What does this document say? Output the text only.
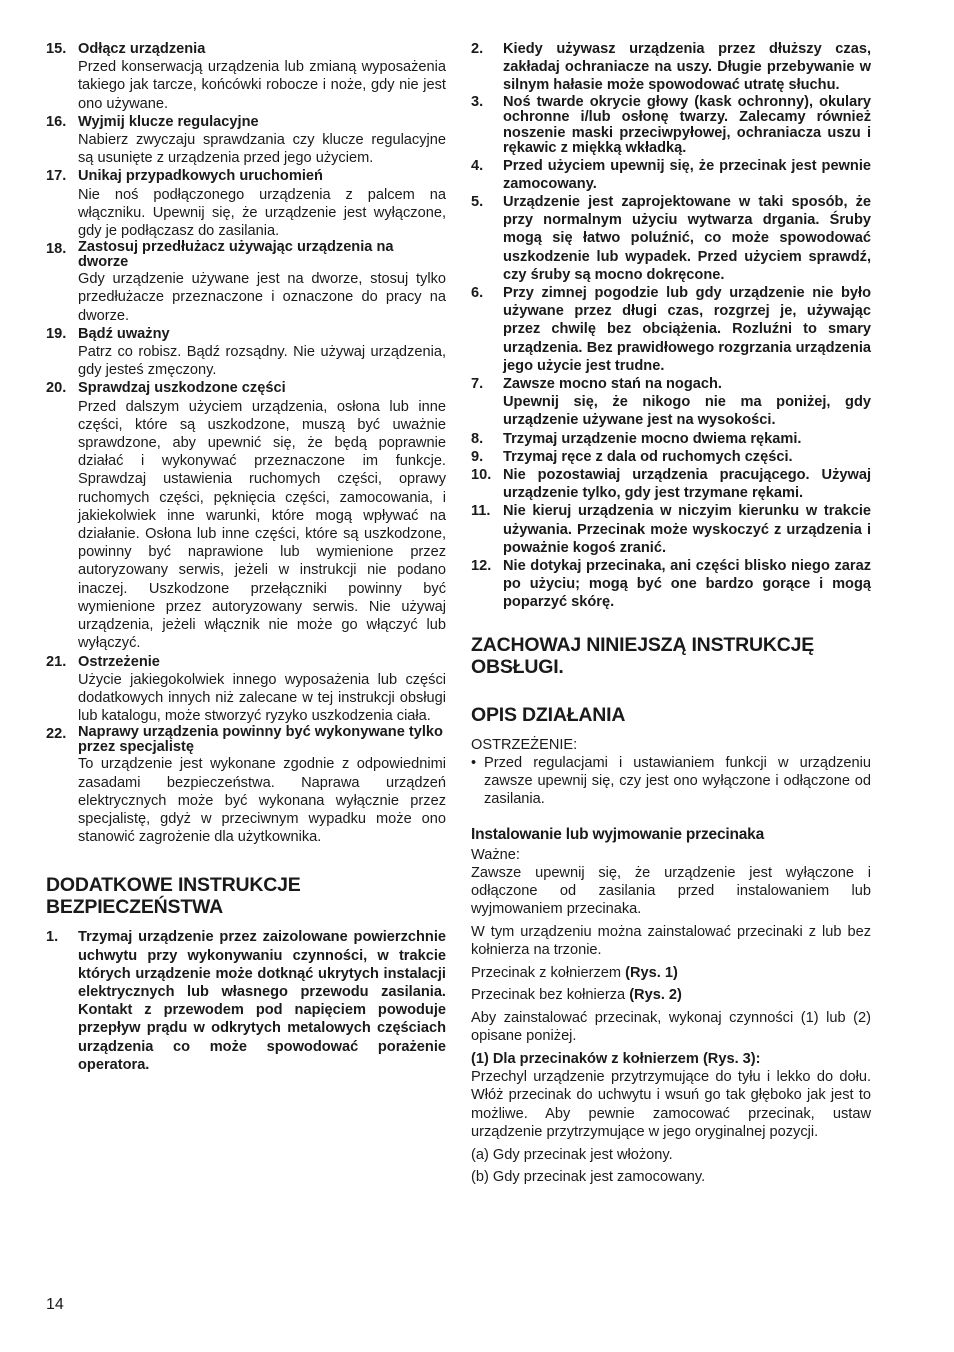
15. Odłącz urządzenia

Przed konserwacją urządzenia lub zmianą wyposażenia takiego jak tarcze, końcówki robocze i noże, gdy nie jest ono używane.

16. Wyjmij klucze regulacyjne

Nabierz zwyczaju sprawdzania czy klucze regulacyjne są usunięte z urządzenia przed jego użyciem.

17. Unikaj przypadkowych uruchomień

Nie noś podłączonego urządzenia z palcem na włączniku. Upewnij się, że urządzenie jest wyłączone, gdy je podłączasz do zasilania.

18. Zastosuj przedłużacz używając urządzenia na dworze

Gdy urządzenie używane jest na dworze, stosuj tylko przedłużacze przeznaczone i oznaczone do pracy na dworze.

19. Bądź uważny

Patrz co robisz. Bądź rozsądny. Nie używaj urządzenia, gdy jesteś zmęczony.

20. Sprawdzaj uszkodzone części

Przed dalszym użyciem urządzenia, osłona lub inne części, które są uszkodzone, muszą być uważnie sprawdzone, aby upewnić się, że będą poprawnie działać i wykonywać przeznaczone im funkcje. Sprawdzaj ustawienia ruchomych części, oprawy ruchomych części, pęknięcia części, zamocowania, i jakiekolwiek inne warunki, które mogą wpływać na działanie. Osłona lub inne części, które są uszkodzone, powinny być naprawione lub wymienione przez autoryzowany serwis, jeżeli w instrukcji nie podano inaczej. Uszkodzone przełączniki powinny być wymienione przez autoryzowany serwis. Nie używaj urządzenia, jeżeli włącznik nie może go włączyć lub wyłączyć.

21. Ostrzeżenie

Użycie jakiegokolwiek innego wyposażenia lub części dodatkowych innych niż zalecane w tej instrukcji obsługi lub katalogu, może stworzyć ryzyko uszkodzenia ciała.

22. Naprawy urządzenia powinny być wykonywane tylko przez specjalistę

To urządzenie jest wykonane zgodnie z odpowiednimi zasadami bezpieczeństwa. Naprawa urządzeń elektrycznych może być wykonana wyłącznie przez specjalistę, gdyż w przeciwnym wypadku może ono stanowić zagrożenie dla użytkownika.

DODATKOWE INSTRUKCJE BEZPIECZEŃSTWA
1. Trzymaj urządzenie przez zaizolowane powierzchnie uchwytu przy wykonywaniu czynności, w trakcie których urządzenie może dotknąć ukrytych instalacji elektrycznych lub własnego przewodu zasilania. Kontakt z przewodem pod napięciem powoduje przepływ prądu w odkrytych metalowych częściach urządzenia co może spowodować porażenie operatora.
2. Kiedy używasz urządzenia przez dłuższy czas, zakładaj ochraniacze na uszy. Długie przebywanie w silnym hałasie może spowodować utratę słuchu.
3. Noś twarde okrycie głowy (kask ochronny), okulary ochronne i/lub osłonę twarzy. Zalecamy również noszenie maski przeciwpyłowej, ochraniacza uszu i rękawic z miękką wkładką.
4. Przed użyciem upewnij się, że przecinak jest pewnie zamocowany.
5. Urządzenie jest zaprojektowane w taki sposób, że przy normalnym użyciu wytwarza drgania. Śruby mogą się łatwo poluźnić, co może spowodować uszkodzenie lub wypadek. Przed użyciem sprawdź, czy śruby są mocno dokręcone.
6. Przy zimnej pogodzie lub gdy urządzenie nie było używane przez długi czas, rozgrzej je, używając przez chwilę bez obciążenia. Rozluźni to smary urządzenia. Bez prawidłowego rozgrzania urządzenia jego użycie jest trudne.
7. Zawsze mocno stań na nogach.
Upewnij się, że nikogo nie ma poniżej, gdy urządzenie używane jest na wysokości.
8. Trzymaj urządzenie mocno dwiema rękami.
9. Trzymaj ręce z dala od ruchomych części.
10. Nie pozostawiaj urządzenia pracującego. Używaj urządzenie tylko, gdy jest trzymane rękami.
11. Nie kieruj urządzenia w niczyim kierunku w trakcie używania. Przecinak może wyskoczyć z urządzenia i poważnie kogoś zranić.
12. Nie dotykaj przecinaka, ani części blisko niego zaraz po użyciu; mogą być one bardzo gorące i mogą poparzyć skórę.
ZACHOWAJ NINIEJSZĄ INSTRUKCJĘ OBSŁUGI.
OPIS DZIAŁANIA

OSTRZEŻENIE:

• Przed regulacjami i ustawianiem funkcji w urządzeniu zawsze upewnij się, czy jest ono wyłączone i odłączone od zasilania.

Instalowanie lub wyjmowanie przecinaka

Ważne:

Zawsze upewnij się, że urządzenie jest wyłączone i odłączone od zasilania przed instalowaniem lub wyjmowaniem przecinaka.

W tym urządzeniu można zainstalować przecinaki z lub bez kołnierza na trzonie.

Przecinak z kołnierzem (Rys. 1)

Przecinak bez kołnierza (Rys. 2)

Aby zainstalować przecinak, wykonaj czynności (1) lub (2) opisane poniżej.

(1) Dla przecinaków z kołnierzem (Rys. 3):

Przechyl urządzenie przytrzymujące do tyłu i lekko do dołu. Włóż przecinak do uchwytu i wsuń go tak głęboko jak jest to możliwe. Aby pewnie zamocować przecinak, ustaw urządzenie przytrzymujące w jego oryginalnej pozycji.

(a) Gdy przecinak jest włożony.

(b) Gdy przecinak jest zamocowany.

14
